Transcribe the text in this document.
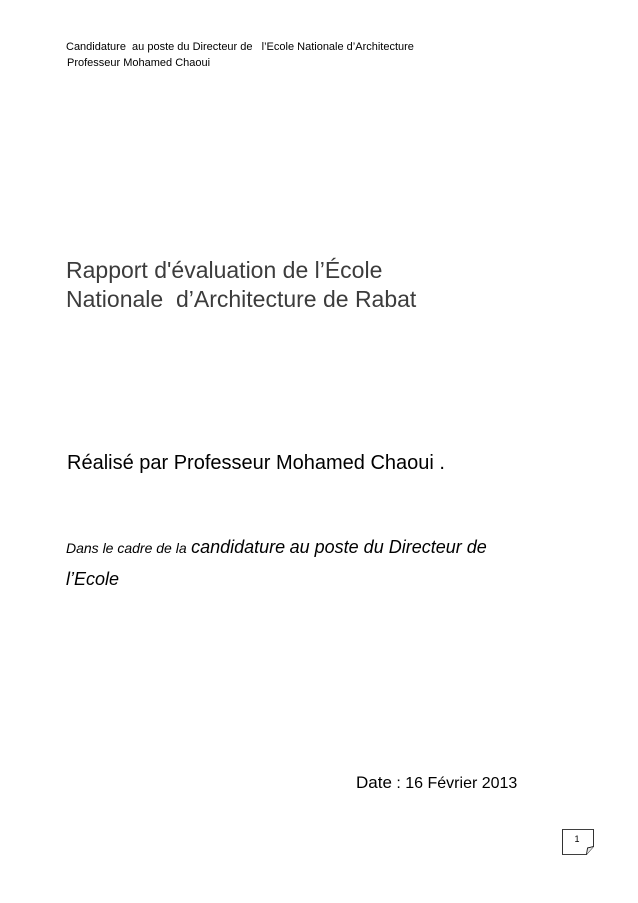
Candidature  au poste du Directeur de   l’Ecole Nationale d’Architecture
Professeur Mohamed Chaoui
Rapport d'évaluation de l’École
Nationale  d’Architecture de Rabat
Réalisé par Professeur Mohamed Chaoui .
Dans le cadre de la candidature au poste du Directeur de
l’Ecole
Date : 16 Février 2013
1
